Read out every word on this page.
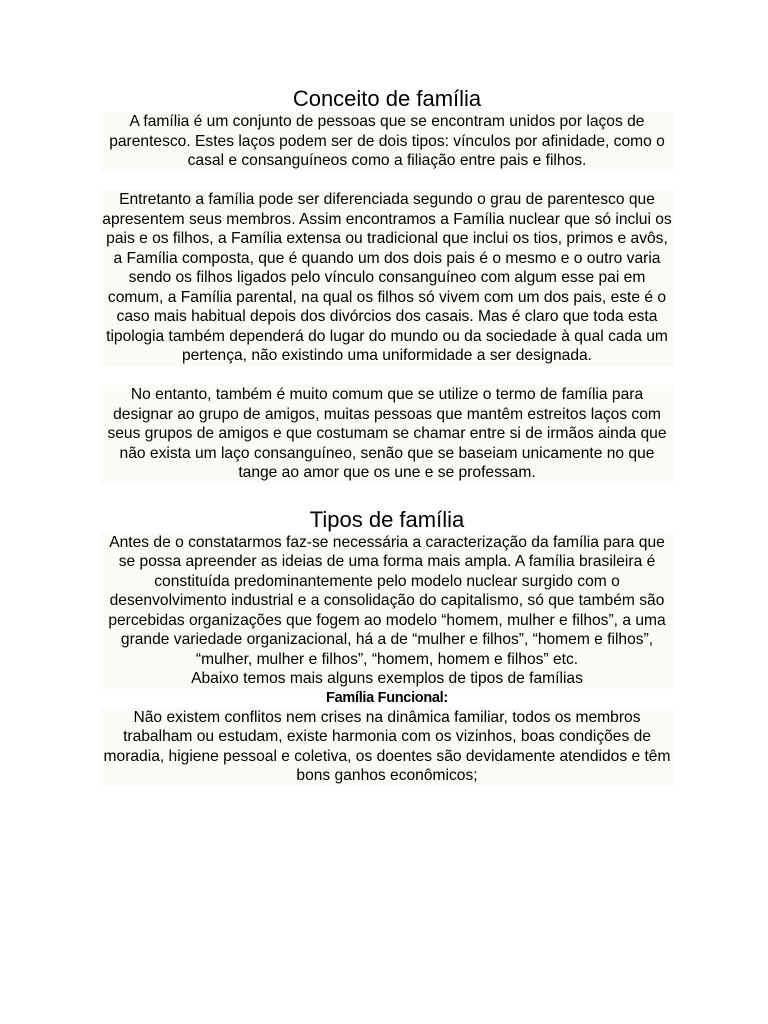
Conceito de família

A família é um conjunto de pessoas que se encontram unidos por laços de parentesco. Estes laços podem ser de dois tipos: vínculos por afinidade, como o casal e consanguíneos como a filiação entre pais e filhos.

Entretanto a família pode ser diferenciada segundo o grau de parentesco que apresentem seus membros. Assim encontramos a Família nuclear que só inclui os pais e os filhos, a Família extensa ou tradicional que inclui os tios, primos e avôs, a Família composta, que é quando um dos dois pais é o mesmo e o outro varia sendo os filhos ligados pelo vínculo consanguíneo com algum esse pai em comum, a Família parental, na qual os filhos só vivem com um dos pais, este é o caso mais habitual depois dos divórcios dos casais. Mas é claro que toda esta tipologia também dependerá do lugar do mundo ou da sociedade à qual cada um pertença, não existindo uma uniformidade a ser designada.

No entanto, também é muito comum que se utilize o termo de família para designar ao grupo de amigos, muitas pessoas que mantêm estreitos laços com seus grupos de amigos e que costumam se chamar entre si de irmãos ainda que não exista um laço consanguíneo, senão que se baseiam unicamente no que tange ao amor que os une e se professam.

Tipos de família

Antes de o constatarmos faz-se necessária a caracterização da família para que se possa apreender as ideias de uma forma mais ampla. A família brasileira é constituída predominantemente pelo modelo nuclear surgido com o desenvolvimento industrial e a consolidação do capitalismo, só que também são percebidas organizações que fogem ao modelo “homem, mulher e filhos”, a uma grande variedade organizacional, há a de “mulher e filhos”, “homem e filhos”, “mulher, mulher e filhos”, “homem, homem e filhos” etc.

Abaixo temos mais alguns exemplos de tipos de famílias

Família Funcional:

Não existem conflitos nem crises na dinâmica familiar, todos os membros trabalham ou estudam, existe harmonia com os vizinhos, boas condições de moradia, higiene pessoal e coletiva, os doentes são devidamente atendidos e têm bons ganhos econômicos;
